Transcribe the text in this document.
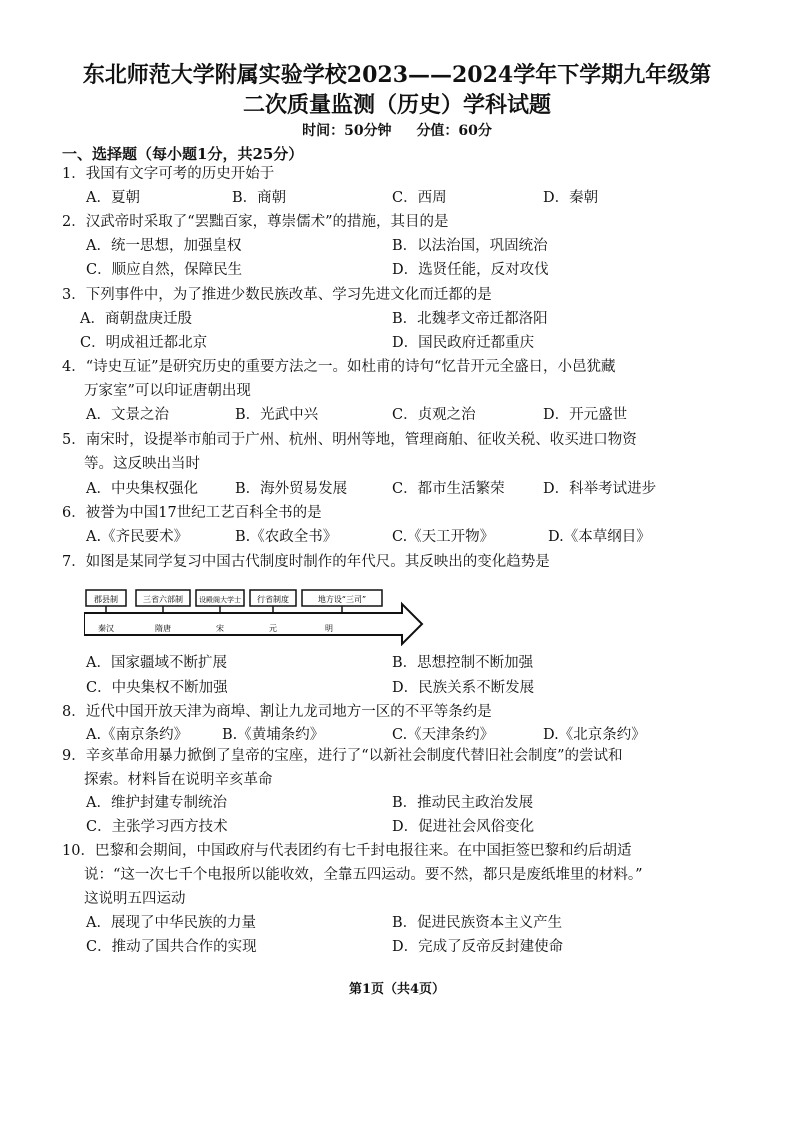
东北师范大学附属实验学校2023——2024学年下学期九年级第
二次质量监测（历史）学科试题
时间：50分钟 分值：60分
一、选择题（每小题1分，共25分）
1．我国有文字可考的历史开始于
A．夏朝	B．商朝	C．西周	D．秦朝
2．汉武帝时采取了“罢黜百家，尊崇儒术”的措施，其目的是
A．统一思想，加强皇权	B．以法治国，巩固统治
C．顺应自然，保障民生	D．选贤任能，反对攻伐
3．下列事件中，为了推进少数民族改革、学习先进文化而迁都的是
A．商朝盘庚迁殷	B．北魏孝文帝迁都洛阳
C．明成祖迁都北京	D．国民政府迁都重庆
4．“诗史互证”是研究历史的重要方法之一。如杜甫的诗句“忆昔开元全盛日，小邑犹藏
万家室”可以印证唐朝出现
A．文景之治	B．光武中兴	C．贞观之治	D．开元盛世
5．南宋时，设提举市舶司于广州、杭州、明州等地，管理商舶、征收关税、收买进口物资
等。这反映出当时
A．中央集权强化	B．海外贸易发展	C．都市生活繁荣	D．科举考试进步
6．被誉为中国17世纪工艺百科全书的是
A.《齐民要术》	B.《农政全书》	C.《天工开物》	D.《本草纲目》
7．如图是某同学复习中国古代制度时制作的年代尺。其反映出的变化趋势是
郡县制	三省六部制 设殿阁大学士 行省制度	地方设“三司”
秦汉	隋唐	宋	元	明
A．国家疆域不断扩展	B．思想控制不断加强
C．中央集权不断加强	D．民族关系不断发展
8．近代中国开放天津为商埠、割让九龙司地方一区的不平等条约是
A.《南京条约》 B.《黄埔条约》	C.《天津条约》	D.《北京条约》
9．辛亥革命用暴力掀倒了皇帝的宝座，进行了“以新社会制度代替旧社会制度”的尝试和
探索。材料旨在说明辛亥革命
A．维护封建专制统治	B．推动民主政治发展
C．主张学习西方技术	D．促进社会风俗变化
10．巴黎和会期间，中国政府与代表团约有七千封电报往来。在中国拒签巴黎和约后胡适
说：“这一次七千个电报所以能收效，全靠五四运动。要不然，都只是废纸堆里的材料。”
这说明五四运动
A．展现了中华民族的力量	B．促进民族资本主义产生
C．推动了国共合作的实现	D．完成了反帝反封建使命
第1页（共4页）
